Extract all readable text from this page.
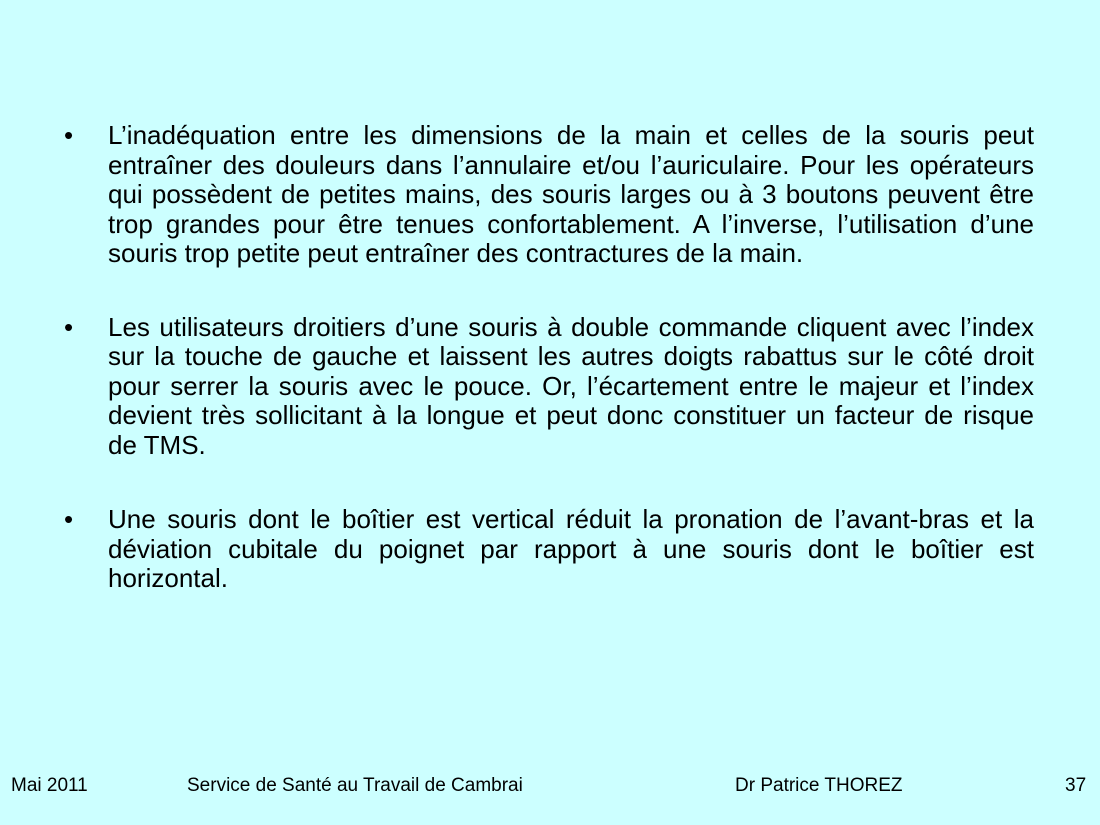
• L’inadéquation entre les dimensions de la main et celles de la souris peut entraîner des douleurs dans l’annulaire et/ou l’auriculaire. Pour les opérateurs qui possèdent de petites mains, des souris larges ou à 3 boutons peuvent être trop grandes pour être tenues confortablement. A l’inverse, l’utilisation d’une souris trop petite peut entraîner des contractures de la main.
• Les utilisateurs droitiers d’une souris à double commande cliquent avec l’index sur la touche de gauche et laissent les autres doigts rabattus sur le côté droit pour serrer la souris avec le pouce. Or, l’écartement entre le majeur et l’index devient très sollicitant à la longue et peut donc constituer un facteur de risque de TMS.
• Une souris dont le boîtier est vertical réduit la pronation de l’avant-bras et la déviation cubitale du poignet par rapport à une souris dont le boîtier est horizontal.
Mai 2011	Service de Santé au Travail de Cambrai	Dr Patrice THOREZ	37
